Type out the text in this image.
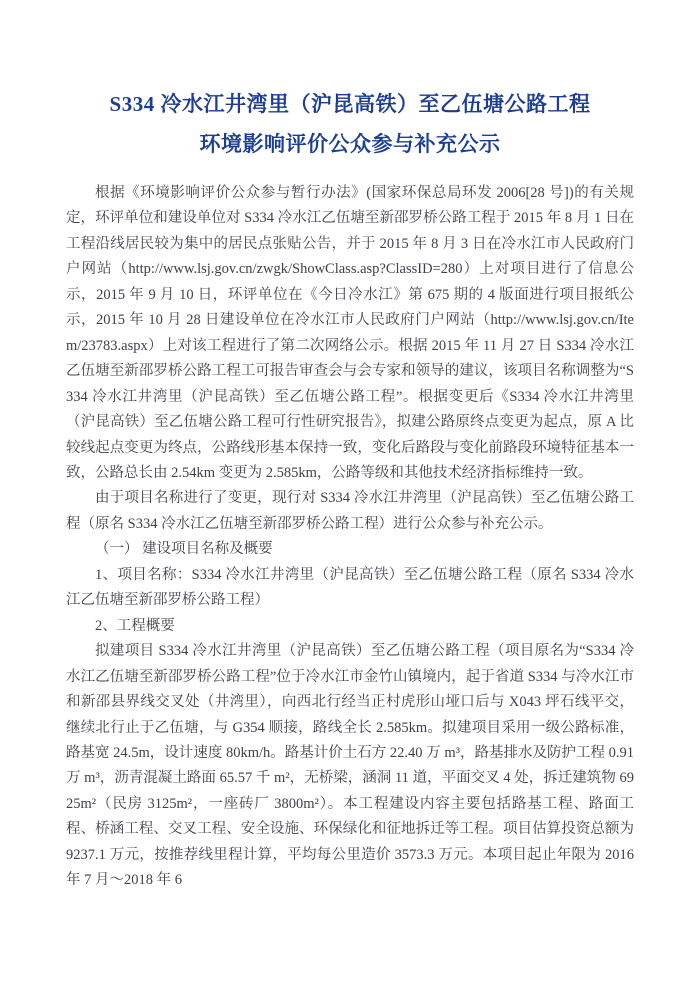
S334 冷水江井湾里（沪昆高铁）至乙伍塘公路工程
环境影响评价公众参与补充公示

根据《环境影响评价公众参与暂行办法》(国家环保总局环发 2006[28 号])的有关规定，环评单位和建设单位对 S334 冷水江乙伍塘至新邵罗桥公路工程于 2015 年 8 月 1 日在工程沿线居民较为集中的居民点张贴公告，并于 2015 年 8 月 3 日在冷水江市人民政府门户网站（http://www.lsj.gov.cn/zwgk/ShowClass.asp?ClassID=280）上对项目进行了信息公示，2015 年 9 月 10 日，环评单位在《今日冷水江》第 675 期的 4 版面进行项目报纸公示，2015 年 10 月 28 日建设单位在冷水江市人民政府门户网站（http://www.lsj.gov.cn/Item/23783.aspx）上对该工程进行了第二次网络公示。根据 2015 年 11 月 27 日 S334 冷水江乙伍塘至新邵罗桥公路工程工可报告审查会与会专家和领导的建议，该项目名称调整为“S334 冷水江井湾里（沪昆高铁）至乙伍塘公路工程”。根据变更后《S334 冷水江井湾里（沪昆高铁）至乙伍塘公路工程可行性研究报告》，拟建公路原终点变更为起点，原 A 比较线起点变更为终点，公路线形基本保持一致，变化后路段与变化前路段环境特征基本一致，公路总长由 2.54km 变更为 2.585km，公路等级和其他技术经济指标维持一致。

由于项目名称进行了变更，现行对 S334 冷水江井湾里（沪昆高铁）至乙伍塘公路工程（原名 S334 冷水江乙伍塘至新邵罗桥公路工程）进行公众参与补充公示。

（一） 建设项目名称及概要

1、项目名称：S334 冷水江井湾里（沪昆高铁）至乙伍塘公路工程（原名 S334 冷水江乙伍塘至新邵罗桥公路工程）

2、工程概要

拟建项目 S334 冷水江井湾里（沪昆高铁）至乙伍塘公路工程（项目原名为“S334 冷水江乙伍塘至新邵罗桥公路工程”位于冷水江市金竹山镇境内，起于省道 S334 与冷水江市和新邵县界线交叉处（井湾里），向西北行经当正村虎形山垭口后与 X043 坪石线平交，继续北行止于乙伍塘，与 G354 顺接，路线全长 2.585km。拟建项目采用一级公路标准，路基宽 24.5m，设计速度 80km/h。路基计价土石方 22.40 万 m³，路基排水及防护工程 0.91 万 m³，沥青混凝土路面 65.57 千 m²，无桥梁，涵洞 11 道，平面交叉 4 处，拆迁建筑物 6925m²（民房 3125m²，一座砖厂 3800m²）。本工程建设内容主要包括路基工程、路面工程、桥涵工程、交叉工程、安全设施、环保绿化和征地拆迁等工程。项目估算投资总额为 9237.1 万元，按推荐线里程计算，平均每公里造价 3573.3 万元。本项目起止年限为 2016 年 7 月～2018 年 6
